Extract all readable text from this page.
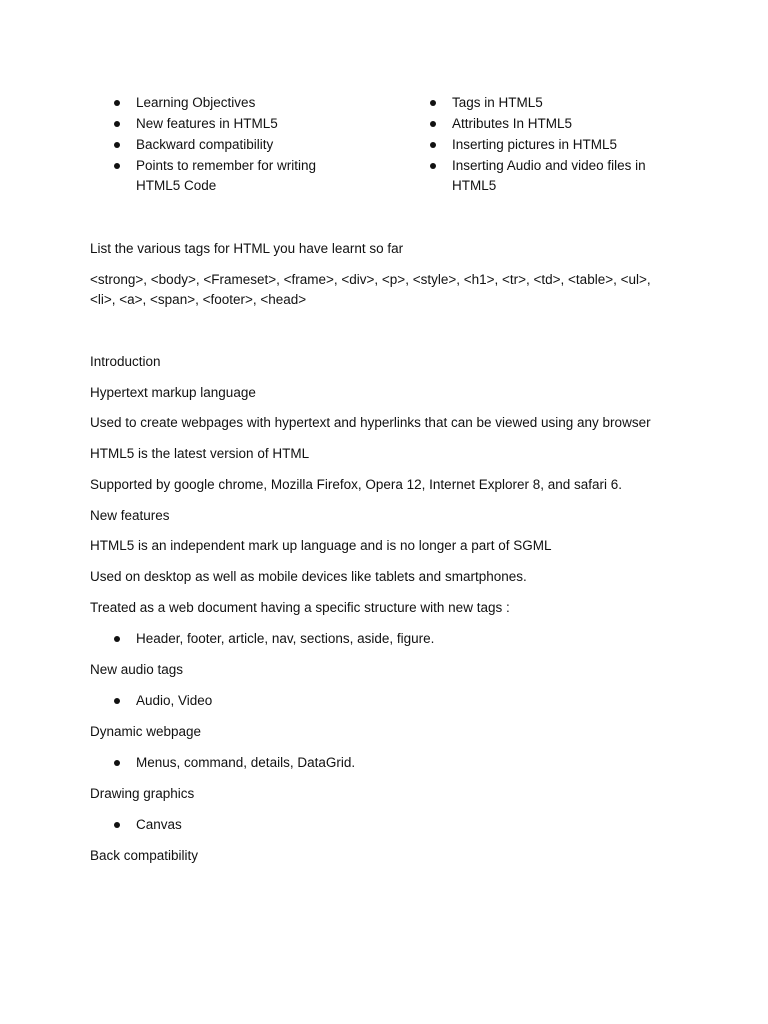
Learning Objectives
New features in HTML5
Backward compatibility
Points to remember for writing HTML5 Code
Tags in HTML5
Attributes In HTML5
Inserting pictures in HTML5
Inserting Audio and video files in HTML5

List the various tags for HTML you have learnt so far

<strong>, <body>, <Frameset>, <frame>, <div>, <p>, <style>, <h1>, <tr>, <td>, <table>, <ul>,

<li>, <a>, <span>, <footer>, <head>

Introduction

Hypertext markup language

Used to create webpages with hypertext and hyperlinks that can be viewed using any browser

HTML5 is the latest version of HTML

Supported by google chrome, Mozilla Firefox, Opera 12, Internet Explorer 8, and safari 6.

New features

HTML5 is an independent mark up language and is no longer a part of SGML

Used on desktop as well as mobile devices like tablets and smartphones.

Treated as a web document having a specific structure with new tags :

Header, footer, article, nav, sections, aside, figure.

New audio tags

Audio, Video

Dynamic webpage

Menus, command, details, DataGrid.

Drawing graphics

Canvas

Back compatibility
